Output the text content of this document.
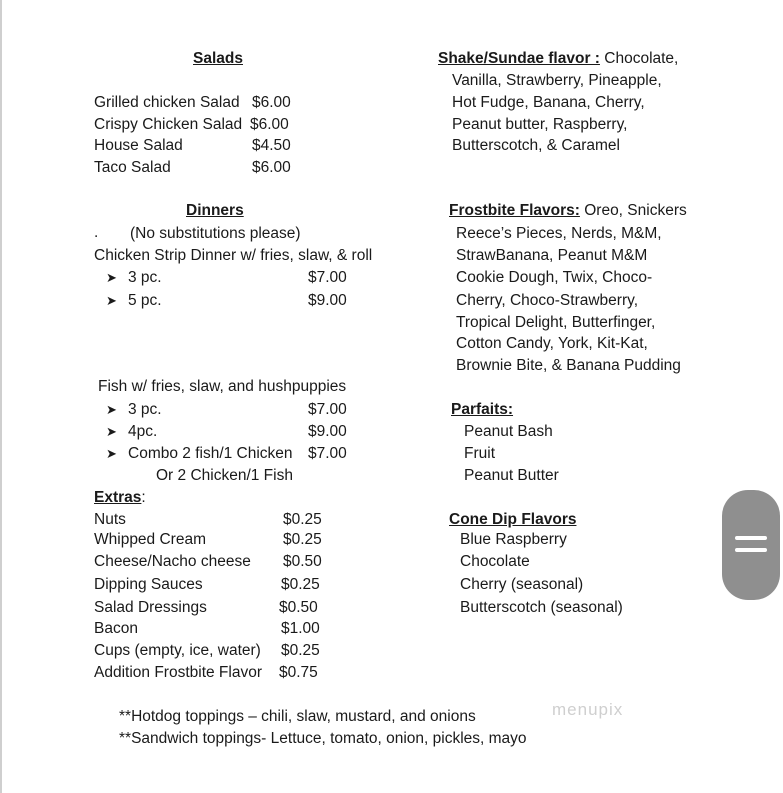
Salads
Grilled chicken Salad $6.00
Crispy Chicken Salad $6.00
House Salad	$4.50
Taco Salad	$6.00
Dinners
. (No substitutions please)
Chicken Strip Dinner w/ fries, slaw, & roll
➤ 3 pc.	$7.00
➤ 5 pc.	$9.00
Fish w/ fries, slaw, and hushpuppies
➤ 3 pc.	$7.00
➤ 4pc.	$9.00
➤ Combo 2 fish/1 Chicken $7.00
Or 2 Chicken/1 Fish
Extras:
Nuts	$0.25
Whipped Cream	$0.25
Cheese/Nacho cheese $0.50
Dipping Sauces	$0.25
Salad Dressings	$0.50
Bacon	$1.00
Cups (empty, ice, water) $0.25
Addition Frostbite Flavor $0.75
**Hotdog toppings – chili, slaw, mustard, and onions
**Sandwich toppings- Lettuce, tomato, onion, pickles, mayo
Shake/Sundae flavor : Chocolate,
Vanilla, Strawberry, Pineapple,
Hot Fudge, Banana, Cherry,
Peanut butter, Raspberry,
Butterscotch, & Caramel
Frostbite Flavors: Oreo, Snickers
Reece’s Pieces, Nerds, M&M,
StrawBanana, Peanut M&M
Cookie Dough, Twix, Choco-
Cherry, Choco-Strawberry,
Tropical Delight, Butterfinger,
Cotton Candy, York, Kit-Kat,
Brownie Bite, & Banana Pudding
Parfaits:
Peanut Bash
Fruit
Peanut Butter
Cone Dip Flavors
Blue Raspberry
Chocolate
Cherry (seasonal)
Butterscotch (seasonal)
menupix
